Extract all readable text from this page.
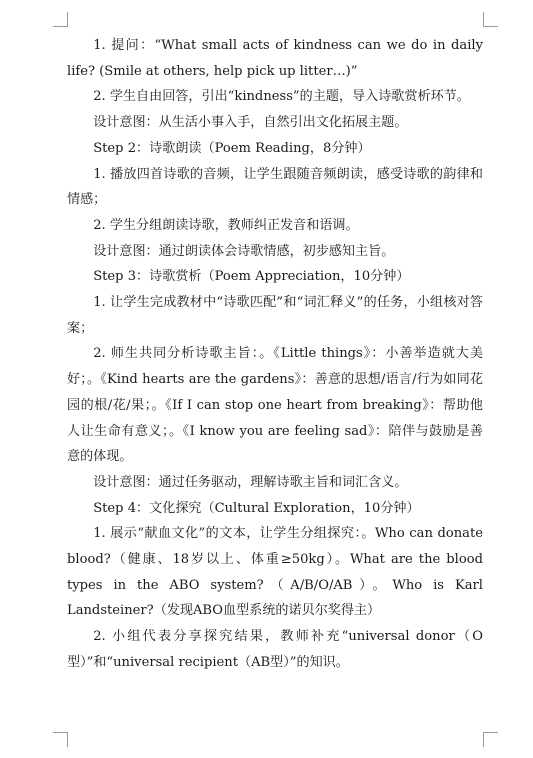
1. 提问：“What small acts of kindness can we do in daily life? (Smile at others, help pick up litter…)”

2. 学生自由回答，引出“kindness”的主题，导入诗歌赏析环节。

设计意图：从生活小事入手，自然引出文化拓展主题。

Step 2：诗歌朗读（Poem Reading，8分钟）

1. 播放四首诗歌的音频，让学生跟随音频朗读，感受诗歌的韵律和情感；

2. 学生分组朗读诗歌，教师纠正发音和语调。

设计意图：通过朗读体会诗歌情感，初步感知主旨。

Step 3：诗歌赏析（Poem Appreciation，10分钟）

1. 让学生完成教材中“诗歌匹配”和“词汇释义”的任务，小组核对答案；

2. 师生共同分析诗歌主旨：。《Little things》：小善举造就大美好；。《Kind hearts are the gardens》：善意的思想/语言/行为如同花园的根/花/果；。《If I can stop one heart from breaking》：帮助他人让生命有意义；。《I know you are feeling sad》：陪伴与鼓励是善意的体现。

设计意图：通过任务驱动，理解诗歌主旨和词汇含义。

Step 4：文化探究（Cultural Exploration，10分钟）

1. 展示“献血文化”的文本，让学生分组探究：。Who can donate blood?（健康、18岁以上、体重≥50kg）。What are the blood types in the ABO system?（A/B/O/AB）。Who is Karl Landsteiner?（发现ABO血型系统的诺贝尔奖得主）

2. 小组代表分享探究结果，教师补充“universal donor（O型）”和“universal recipient（AB型）”的知识。
